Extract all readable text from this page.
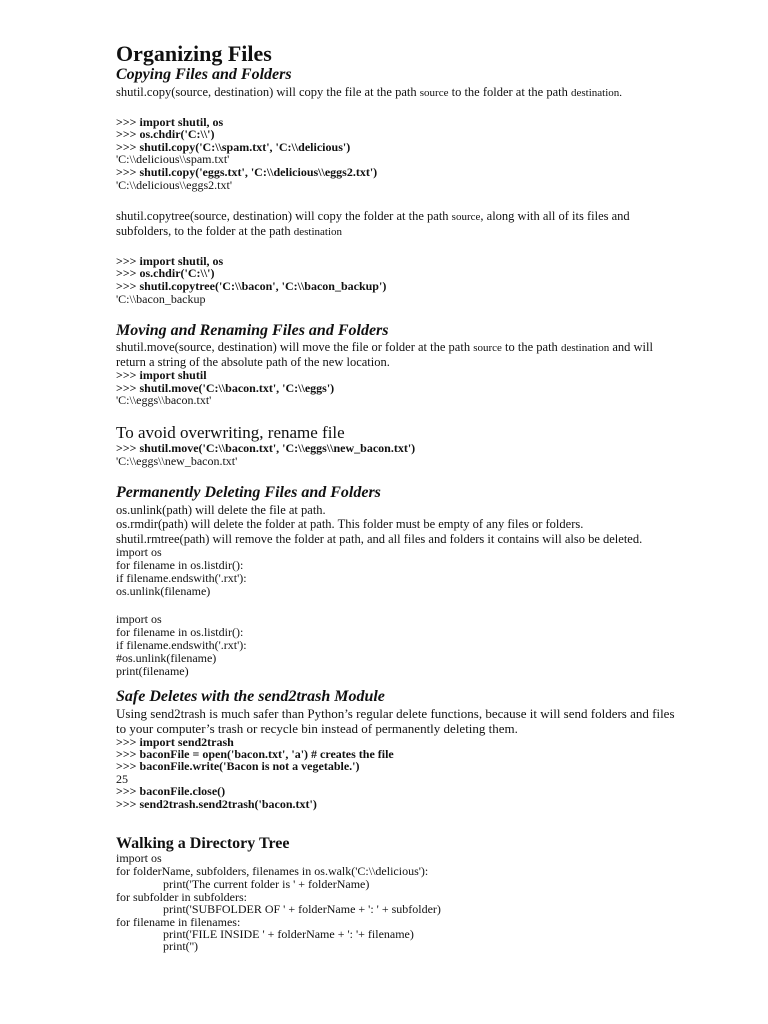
Organizing Files
Copying Files and Folders
shutil.copy(source, destination) will copy the file at the path source to the folder at the path destination.
>>> import shutil, os
>>> os.chdir('C:\\')
>>> shutil.copy('C:\\spam.txt', 'C:\\delicious')
'C:\\delicious\\spam.txt'
>>> shutil.copy('eggs.txt', 'C:\\delicious\\eggs2.txt')
'C:\\delicious\\eggs2.txt'
shutil.copytree(source, destination) will copy the folder at the path source, along with all of its files and
subfolders, to the folder at the path destination
>>> import shutil, os
>>> os.chdir('C:\\')
>>> shutil.copytree('C:\\bacon', 'C:\\bacon_backup')
'C:\\bacon_backup
Moving and Renaming Files and Folders
shutil.move(source, destination) will move the file or folder at the path source to the path destination and will
return a string of the absolute path of the new location.
>>> import shutil
>>> shutil.move('C:\\bacon.txt', 'C:\\eggs')
'C:\\eggs\\bacon.txt'
To avoid overwriting, rename file
>>> shutil.move('C:\\bacon.txt', 'C:\\eggs\\new_bacon.txt')
'C:\\eggs\\new_bacon.txt'
Permanently Deleting Files and Folders
os.unlink(path) will delete the file at path.
os.rmdir(path) will delete the folder at path. This folder must be empty of any files or folders.
shutil.rmtree(path) will remove the folder at path, and all files and folders it contains will also be deleted.
import os
for filename in os.listdir():
if filename.endswith('.rxt'):
os.unlink(filename)
import os
for filename in os.listdir():
if filename.endswith('.rxt'):
#os.unlink(filename)
print(filename)
Safe Deletes with the send2trash Module
Using send2trash is much safer than Python’s regular delete functions, because it will send folders and files
to your computer’s trash or recycle bin instead of permanently deleting them.
>>> import send2trash
>>> baconFile = open('bacon.txt', 'a') # creates the file
>>> baconFile.write('Bacon is not a vegetable.')
25
>>> baconFile.close()
>>> send2trash.send2trash('bacon.txt')
Walking a Directory Tree
import os
for folderName, subfolders, filenames in os.walk('C:\\delicious'):
print('The current folder is ' + folderName)
for subfolder in subfolders:
print('SUBFOLDER OF ' + folderName + ': ' + subfolder)
for filename in filenames:
print('FILE INSIDE ' + folderName + ': '+ filename)
print('')
